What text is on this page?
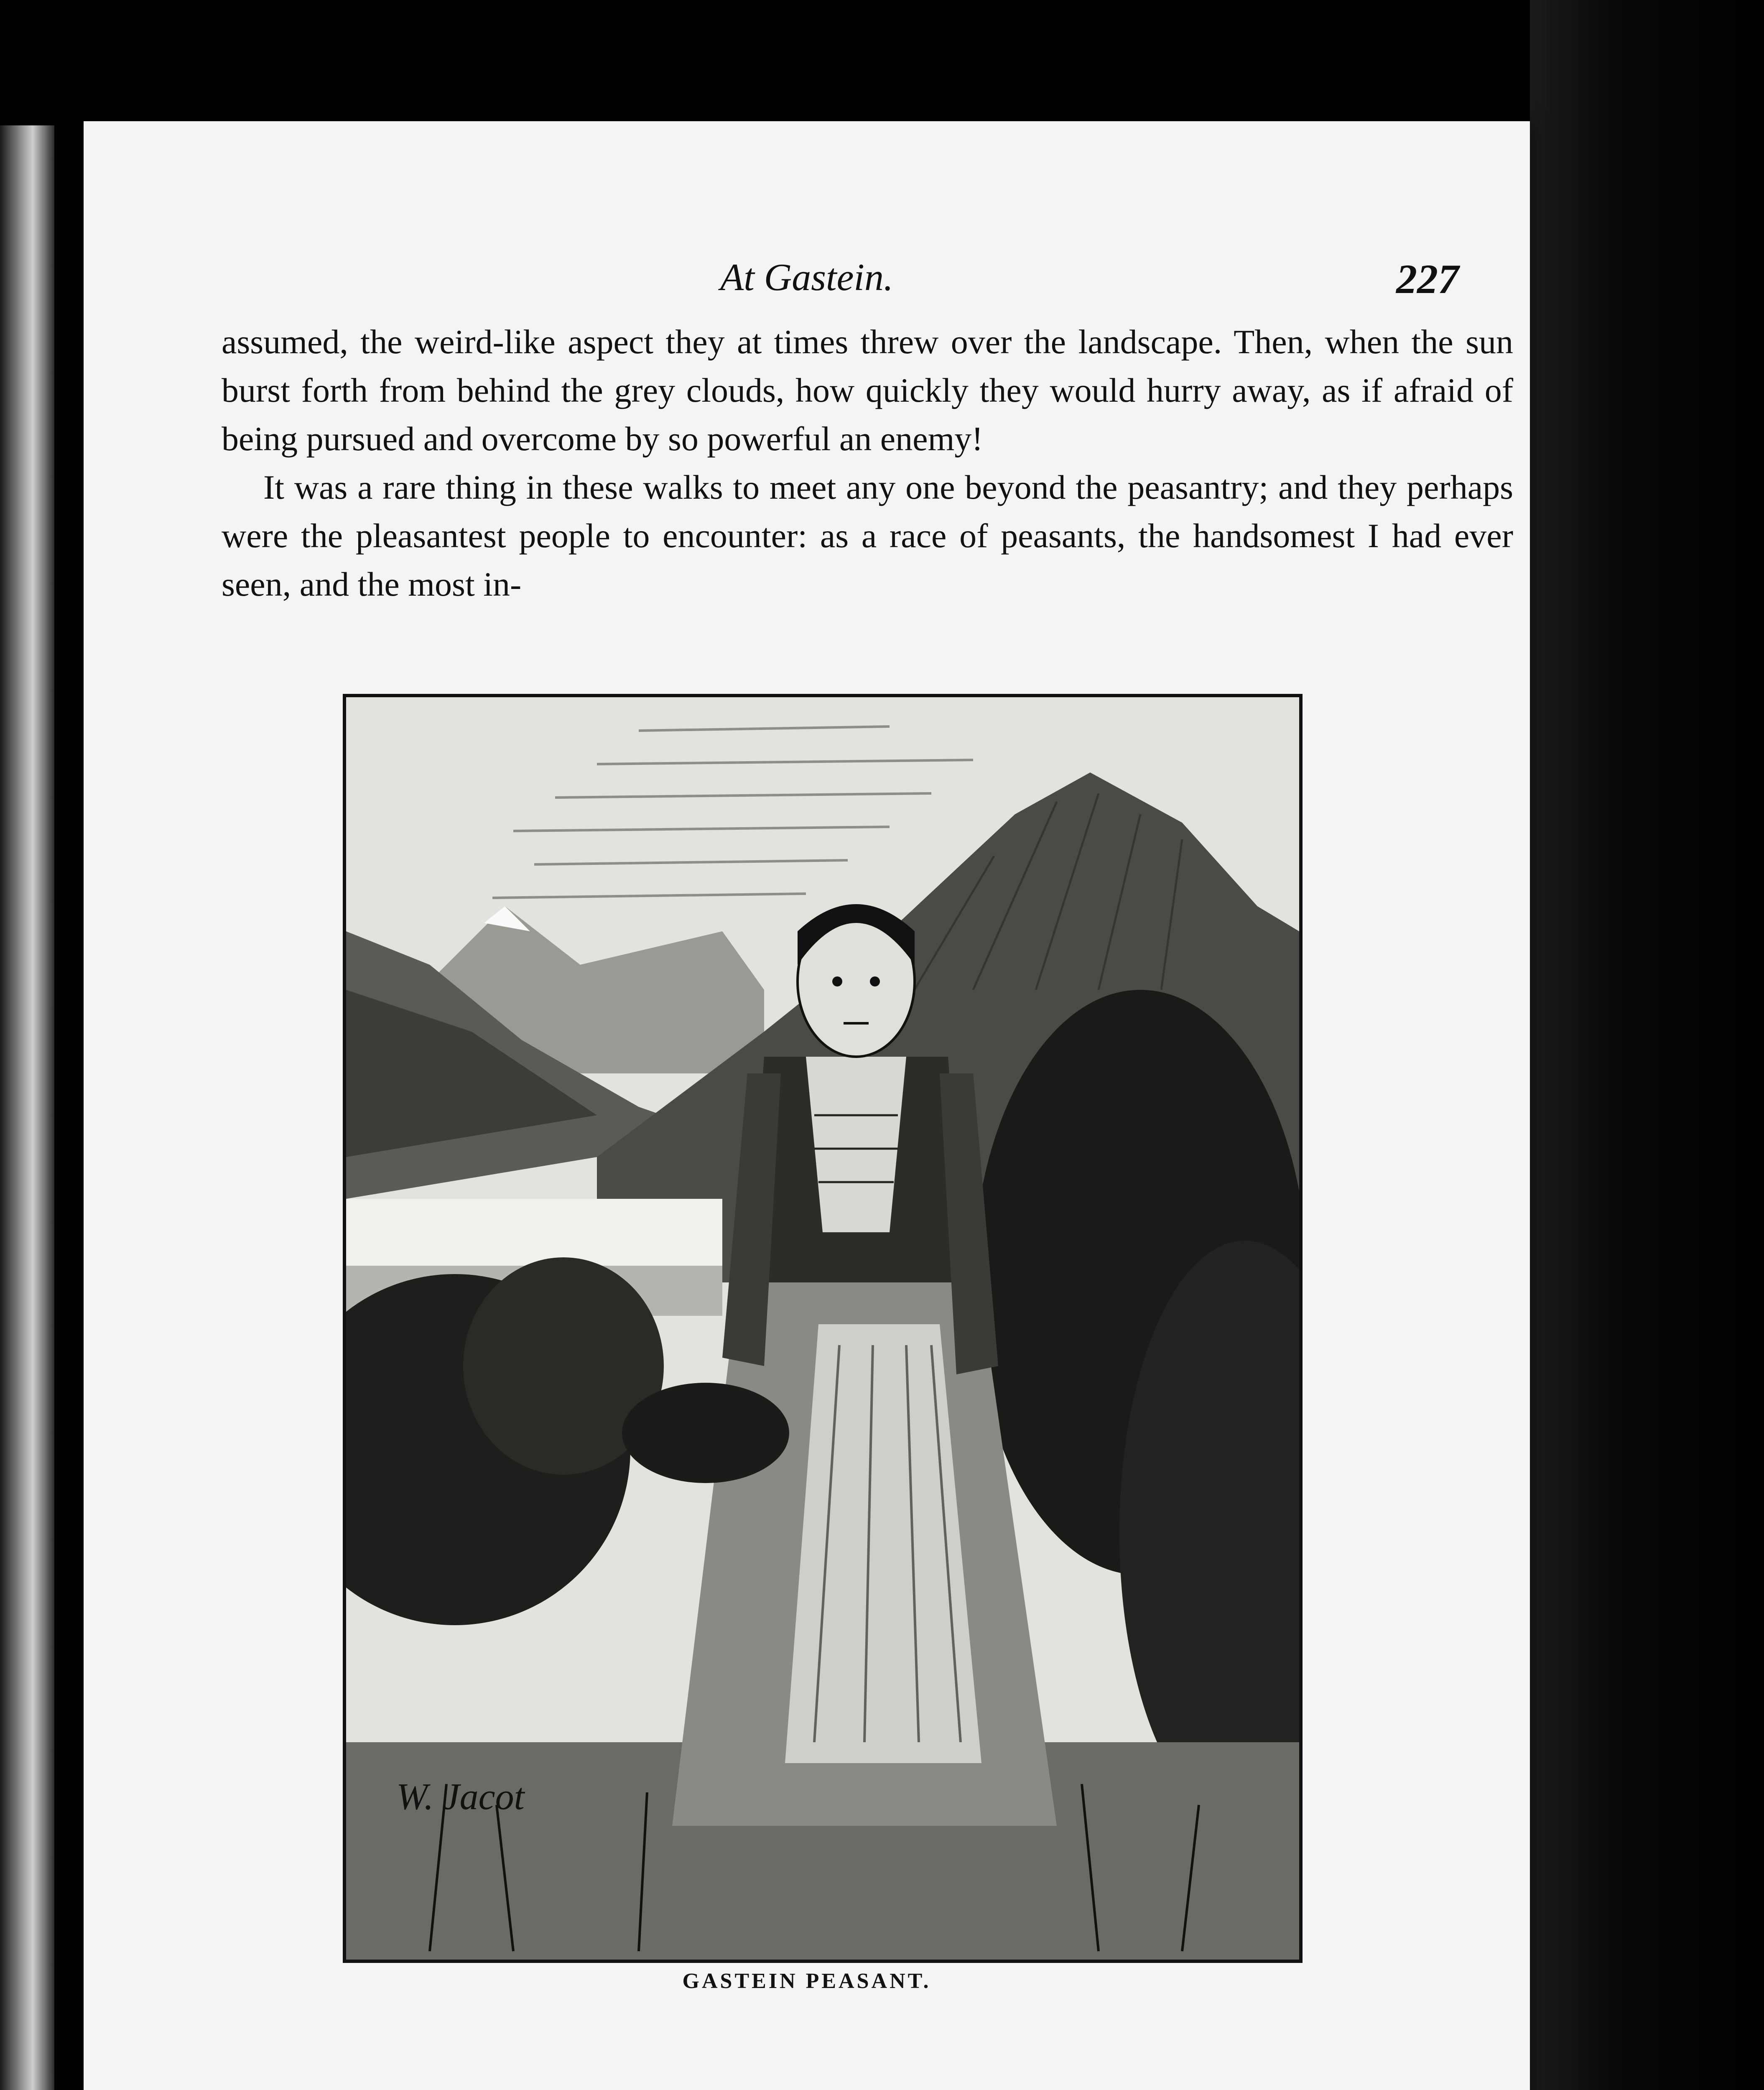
At Gastein.	227

assumed, the weird-like aspect they at times threw over the landscape. Then, when the sun burst forth from behind the grey clouds, how quickly they would hurry away, as if afraid of being pursued and overcome by so powerful an enemy!

It was a rare thing in these walks to meet any one beyond the peasantry; and they perhaps were the pleasantest people to encounter: as a race of peasants, the handsomest I had ever seen, and the most in-

W. Jacot
GASTEIN PEASANT.
